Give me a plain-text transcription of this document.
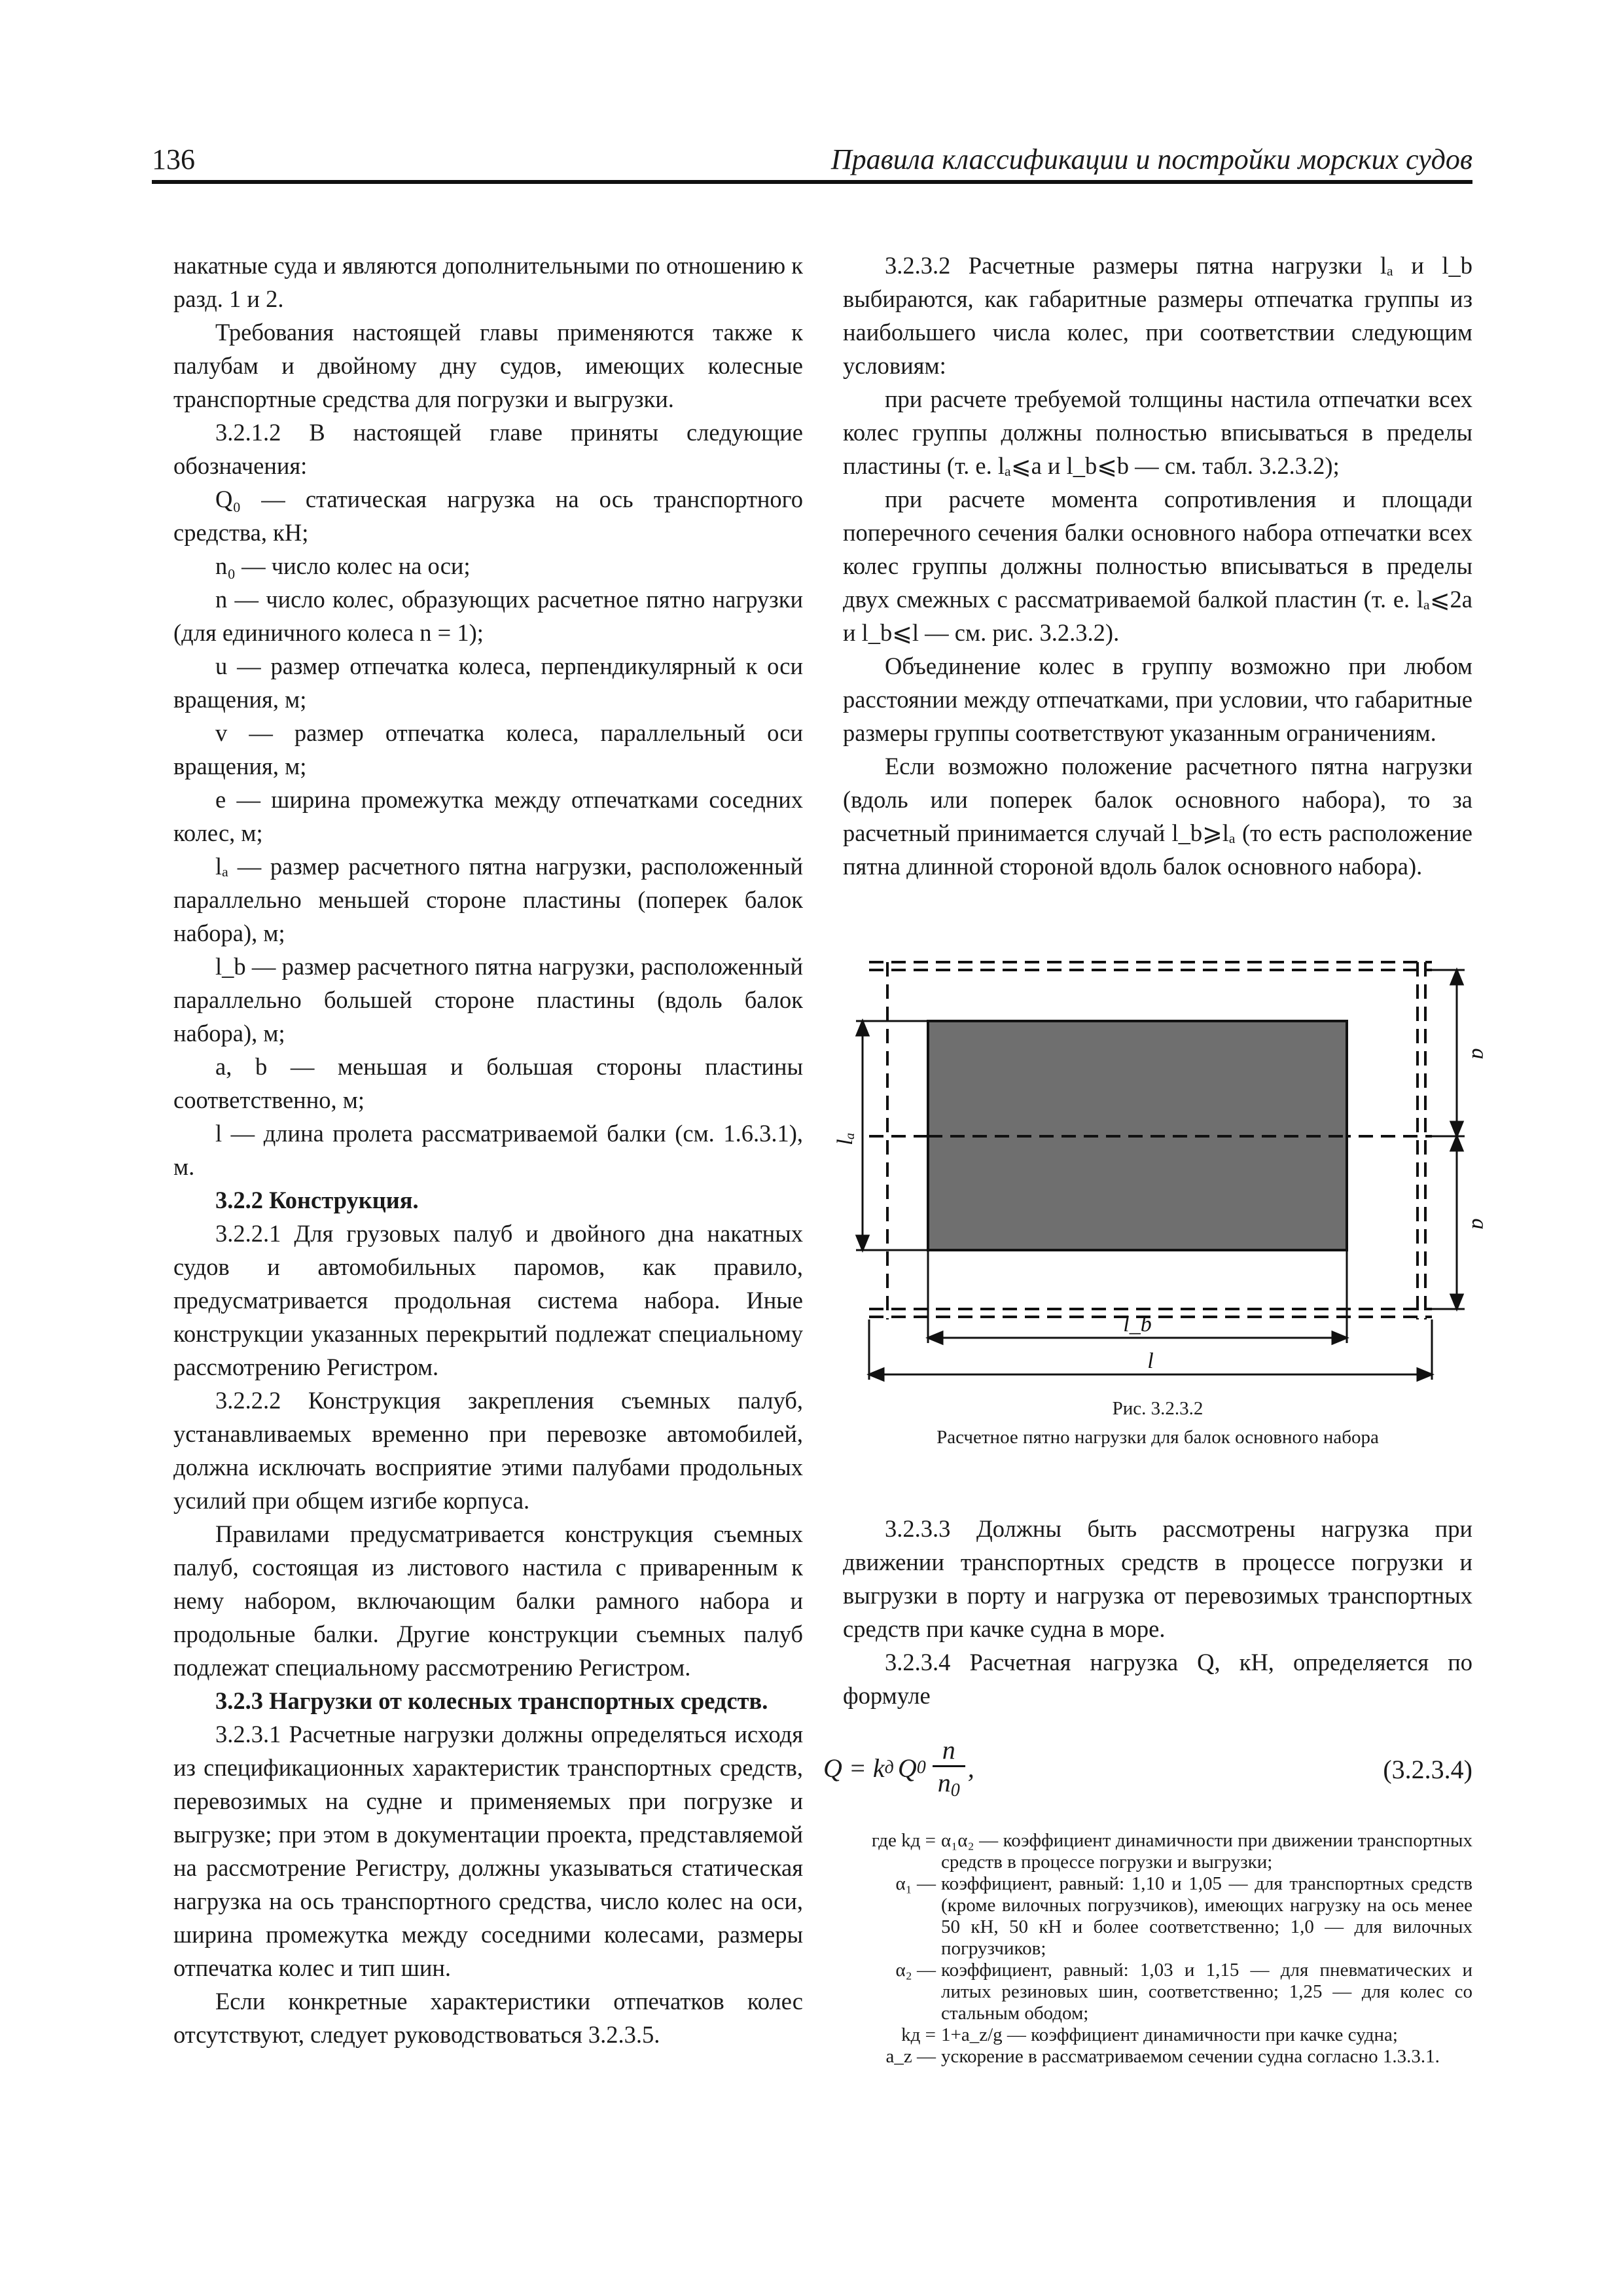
136	Правила классификации и постройки морских судов

накатные суда и являются дополнительными по отношению к разд. 1 и 2.

Требования настоящей главы применяются также к палубам и двойному дну судов, имеющих колесные транспортные средства для погрузки и выгрузки.

3.2.1.2 В настоящей главе приняты следующие обозначения:

Q₀ — статическая нагрузка на ось транспортного средства, кН;

n₀ — число колес на оси;

n — число колес, образующих расчетное пятно нагрузки (для единичного колеса n = 1);

u — размер отпечатка колеса, перпендикулярный к оси вращения, м;

v — размер отпечатка колеса, параллельный оси вращения, м;

e — ширина промежутка между отпечатками соседних колес, м;

lₐ — размер расчетного пятна нагрузки, расположенный параллельно меньшей стороне пластины (поперек балок набора), м;

l_b — размер расчетного пятна нагрузки, расположенный параллельно большей стороне пластины (вдоль балок набора), м;

a, b — меньшая и большая стороны пластины соответственно, м;

l — длина пролета рассматриваемой балки (см. 1.6.3.1), м.

3.2.2 Конструкция.

3.2.2.1 Для грузовых палуб и двойного дна накатных судов и автомобильных паромов, как правило, предусматривается продольная система набора. Иные конструкции указанных перекрытий подлежат специальному рассмотрению Регистром.

3.2.2.2 Конструкция закрепления съемных палуб, устанавливаемых временно при перевозке автомобилей, должна исключать восприятие этими палубами продольных усилий при общем изгибе корпуса.

Правилами предусматривается конструкция съемных палуб, состоящая из листового настила с приваренным к нему набором, включающим балки рамного набора и продольные балки. Другие конструкции съемных палуб подлежат специальному рассмотрению Регистром.

3.2.3 Нагрузки от колесных транспортных средств.

3.2.3.1 Расчетные нагрузки должны определяться исходя из спецификационных характеристик транспортных средств, перевозимых на судне и применяемых при погрузке и выгрузке; при этом в документации проекта, представляемой на рассмотрение Регистру, должны указываться статическая нагрузка на ось транспортного средства, число колес на оси, ширина промежутка между соседними колесами, размеры отпечатка колес и тип шин.

Если конкретные характеристики отпечатков колес отсутствуют, следует руководствоваться 3.2.3.5.

3.2.3.2 Расчетные размеры пятна нагрузки lₐ и l_b выбираются, как габаритные размеры отпечатка группы из наибольшего числа колес, при соответствии следующим условиям:

при расчете требуемой толщины настила отпечатки всех колес группы должны полностью вписываться в пределы пластины (т. е. lₐ⩽a и l_b⩽b — см. табл. 3.2.3.2);

при расчете момента сопротивления и площади поперечного сечения балки основного набора отпечатки всех колес группы должны полностью вписываться в пределы двух смежных с рассматриваемой балкой пластин (т. е. lₐ⩽2a и l_b⩽l — см. рис. 3.2.3.2).

Объединение колес в группу возможно при любом расстоянии между отпечатками, при условии, что габаритные размеры группы соответствуют указанным ограничениям.

Если возможно положение расчетного пятна нагрузки (вдоль или поперек балок основного набора), то за расчетный принимается случай l_b⩾lₐ (то есть расположение пятна длинной стороной вдоль балок основного набора).

lₐ
a
a
l_b
l
Рис. 3.2.3.2
Расчетное пятно нагрузки для балок основного набора

3.2.3.3 Должны быть рассмотрены нагрузка при движении транспортных средств в процессе погрузки и выгрузки в порту и нагрузка от перевозимых транспортных средств при качке судна в море.

3.2.3.4 Расчетная нагрузка Q, кН, определяется по формуле

Q = k д Q $0 \frac{n}{n_0}$ ,	(3.2.3.4)
где kд = α₁α₂ — коэффициент динамичности при движении транспортных средств в процессе погрузки и выгрузки;
α₁ — коэффициент, равный: 1,10 и 1,05 — для транспортных средств (кроме вилочных погрузчиков), имеющих нагрузку на ось менее 50 кН, 50 кН и более соответственно; 1,0 — для вилочных погрузчиков;
α₂ — коэффициент, равный: 1,03 и 1,15 — для пневматических и литых резиновых шин, соответственно; 1,25 — для колес со стальным ободом;
kд = 1+a_z/g — коэффициент динамичности при качке судна;
a_z — ускорение в рассматриваемом сечении судна согласно 1.3.3.1.
